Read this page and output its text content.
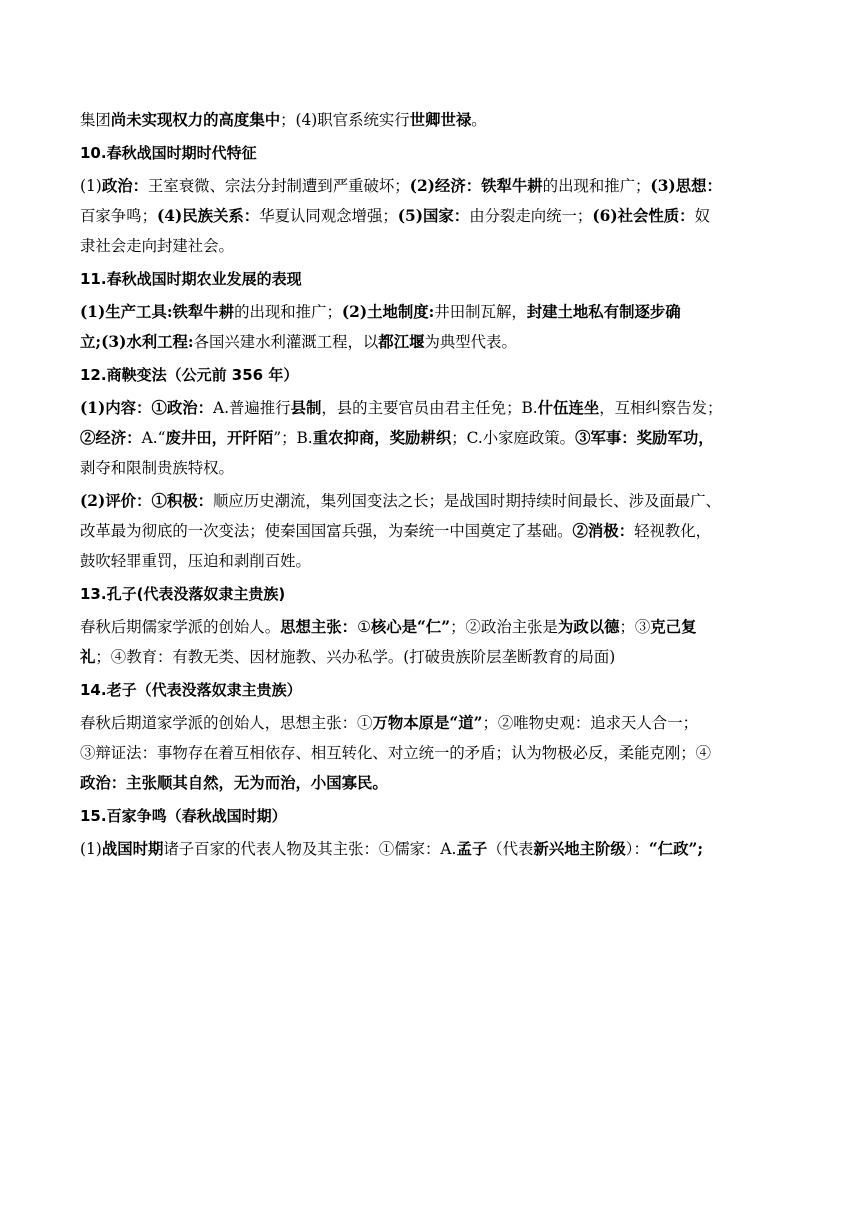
集团尚未实现权力的高度集中；(4)职官系统实行世卿世禄。

10.春秋战国时期时代特征

(1)政治：王室衰微、宗法分封制遭到严重破坏；(2)经济：铁犁牛耕的出现和推广；(3)思想：

百家争鸣；(4)民族关系：华夏认同观念增强；(5)国家：由分裂走向统一；(6)社会性质：奴

隶社会走向封建社会。

11.春秋战国时期农业发展的表现

(1)生产工具:铁犁牛耕的出现和推广；(2)土地制度:井田制瓦解，封建土地私有制逐步确

立;(3)水利工程:各国兴建水利灌溉工程，以都江堰为典型代表。

12.商鞅变法（公元前 356 年）

(1)内容：①政治：A.普遍推行县制，县的主要官员由君主任免；B.什伍连坐，互相纠察告发；

②经济：A.“废井田，开阡陌”；B.重农抑商，奖励耕织；C.小家庭政策。③军事：奖励军功，

剥夺和限制贵族特权。

(2)评价：①积极：顺应历史潮流，集列国变法之长；是战国时期持续时间最长、涉及面最广、

改革最为彻底的一次变法；使秦国国富兵强，为秦统一中国奠定了基础。②消极：轻视教化，

鼓吹轻罪重罚，压迫和剥削百姓。

13.孔子(代表没落奴隶主贵族)

春秋后期儒家学派的创始人。思想主张：①核心是“仁”；②政治主张是为政以德；③克己复

礼；④教育：有教无类、因材施教、兴办私学。(打破贵族阶层垄断教育的局面)

14.老子（代表没落奴隶主贵族）

春秋后期道家学派的创始人，思想主张：①万物本原是“道”；②唯物史观：追求天人合一；

③辩证法：事物存在着互相依存、相互转化、对立统一的矛盾；认为物极必反，柔能克刚；④

政治：主张顺其自然，无为而治，小国寡民。

15.百家争鸣（春秋战国时期）

(1)战国时期诸子百家的代表人物及其主张：①儒家：A.孟子（代表新兴地主阶级）：“仁政”;
